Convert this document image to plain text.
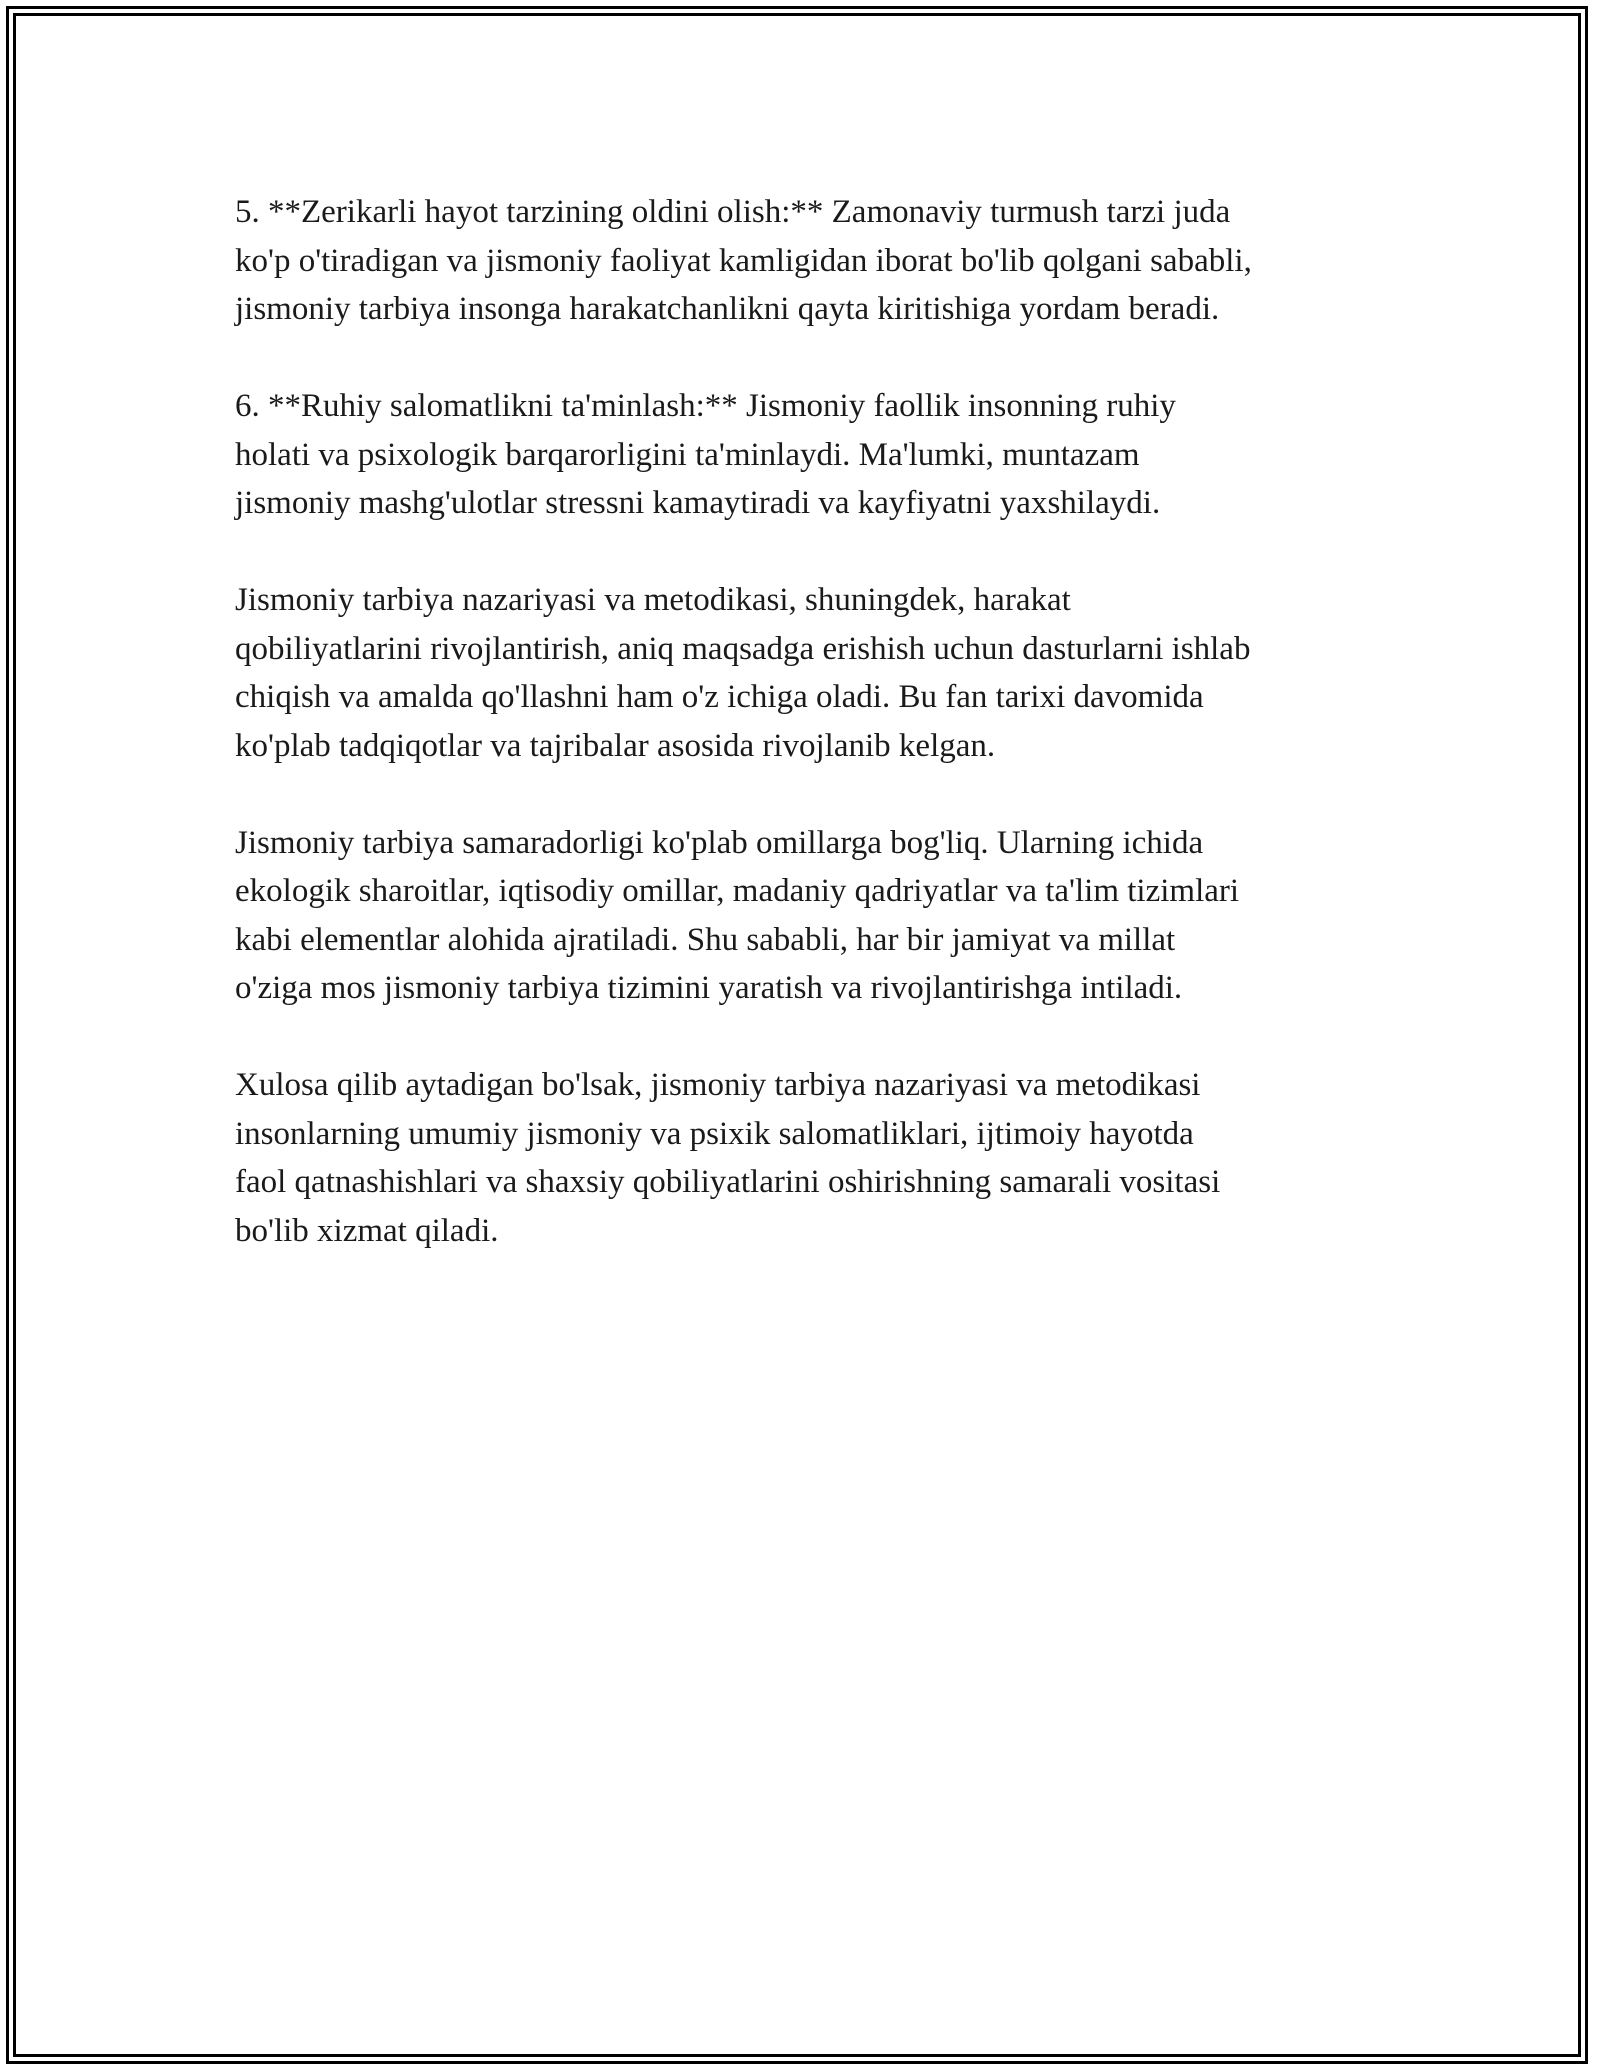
5. **Zerikarli hayot tarzining oldini olish:** Zamonaviy turmush tarzi juda
ko'p o'tiradigan va jismoniy faoliyat kamligidan iborat bo'lib qolgani sababli,
jismoniy tarbiya insonga harakatchanlikni qayta kiritishiga yordam beradi.

6. **Ruhiy salomatlikni ta'minlash:** Jismoniy faollik insonning ruhiy
holati va psixologik barqarorligini ta'minlaydi. Ma'lumki, muntazam
jismoniy mashg'ulotlar stressni kamaytiradi va kayfiyatni yaxshilaydi.

Jismoniy tarbiya nazariyasi va metodikasi, shuningdek, harakat
qobiliyatlarini rivojlantirish, aniq maqsadga erishish uchun dasturlarni ishlab
chiqish va amalda qo'llashni ham o'z ichiga oladi. Bu fan tarixi davomida
ko'plab tadqiqotlar va tajribalar asosida rivojlanib kelgan.

Jismoniy tarbiya samaradorligi ko'plab omillarga bog'liq. Ularning ichida
ekologik sharoitlar, iqtisodiy omillar, madaniy qadriyatlar va ta'lim tizimlari
kabi elementlar alohida ajratiladi. Shu sababli, har bir jamiyat va millat
o'ziga mos jismoniy tarbiya tizimini yaratish va rivojlantirishga intiladi.

Xulosa qilib aytadigan bo'lsak, jismoniy tarbiya nazariyasi va metodikasi
insonlarning umumiy jismoniy va psixik salomatliklari, ijtimoiy hayotda
faol qatnashishlari va shaxsiy qobiliyatlarini oshirishning samarali vositasi
bo'lib xizmat qiladi.
